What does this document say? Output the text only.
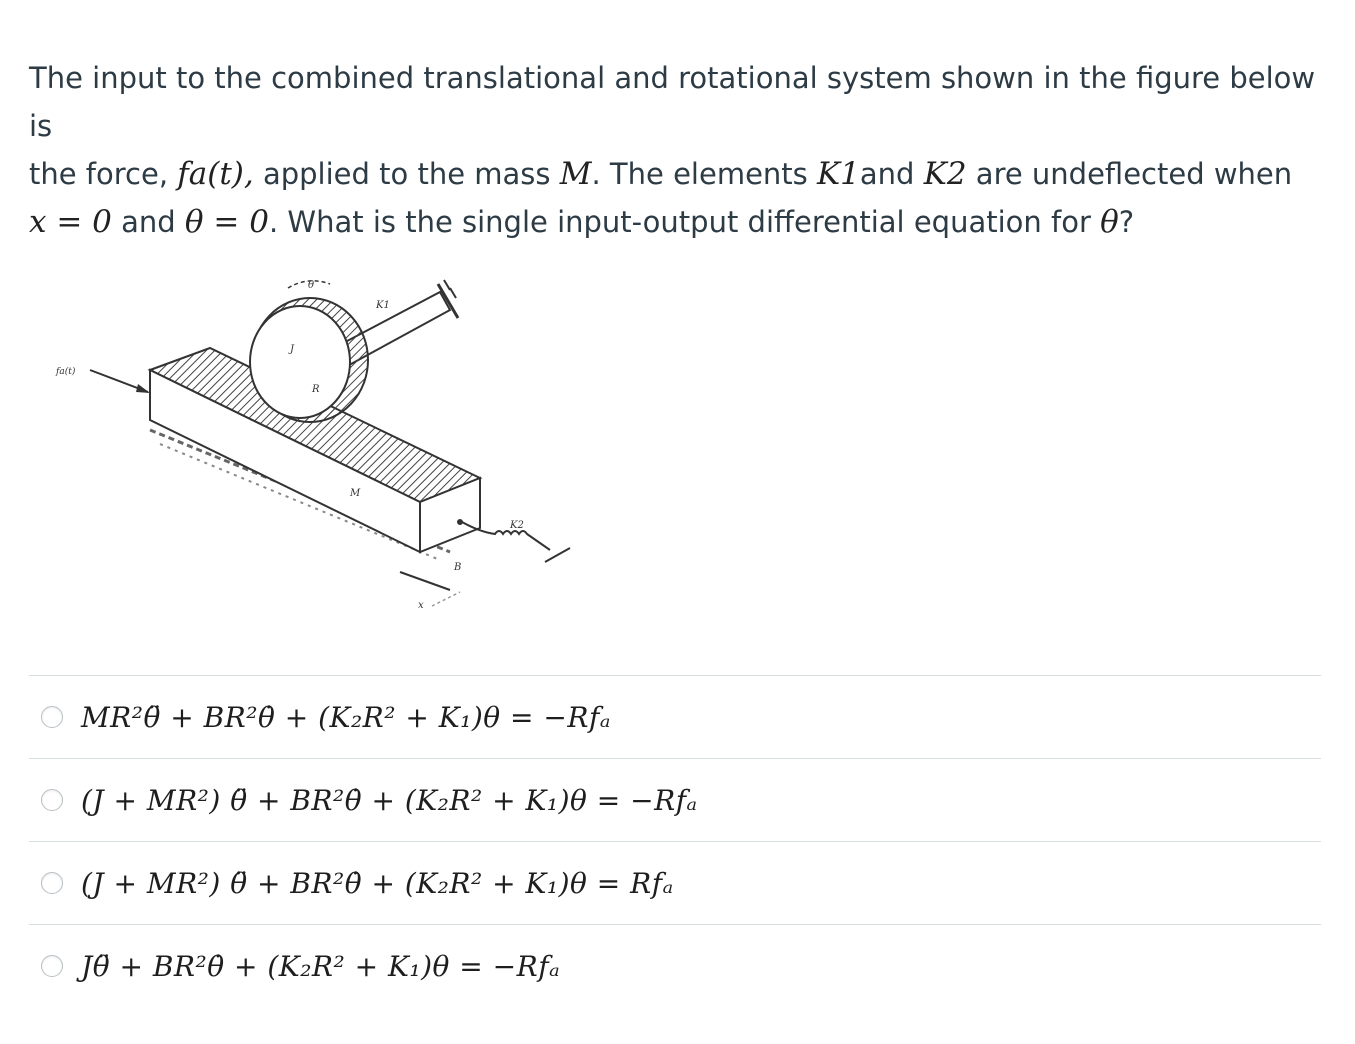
The input to the combined translational and rotational system shown in the figure below is
the force, fa(t), applied to the mass M. The elements K1and K2 are undeflected when
x = 0 and θ = 0. What is the single input-output differential equation for θ?
θ
K1
J
R
fa(t)
M
K2
B
x
MR²θ̈ + BR²θ̇ + (K₂R² + K₁)θ = −Rfₐ
(J + MR²) θ̈ + BR²θ̇ + (K₂R² + K₁)θ = −Rfₐ
(J + MR²) θ̈ + BR²θ̇ + (K₂R² + K₁)θ = Rfₐ
Jθ̈ + BR²θ̇ + (K₂R² + K₁)θ = −Rfₐ
